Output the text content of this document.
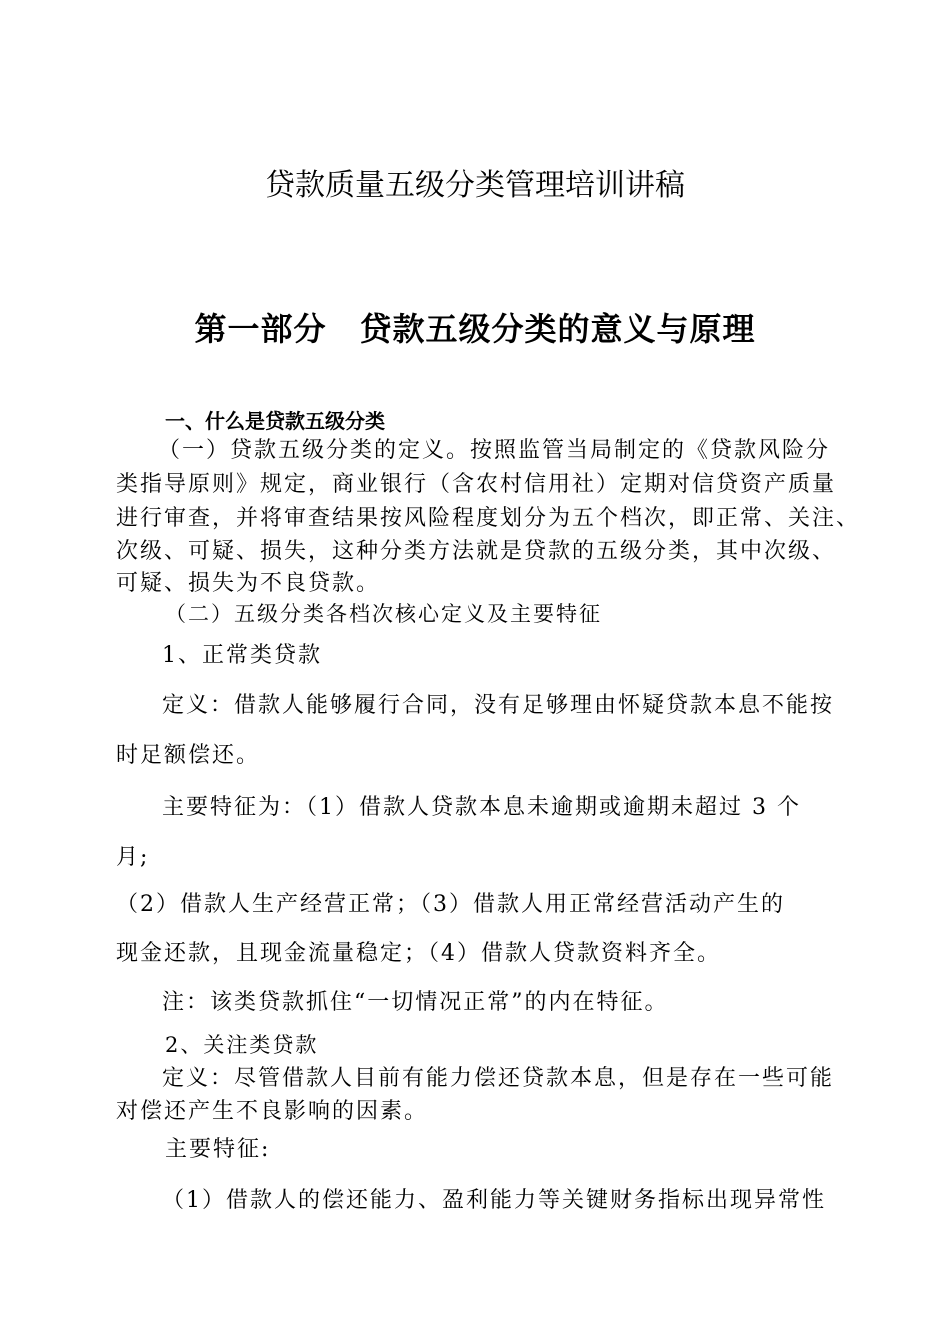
贷款质量五级分类管理培训讲稿
第一部分　贷款五级分类的意义与原理
一、什么是贷款五级分类
（一）贷款五级分类的定义。按照监管当局制定的《贷款风险分
类指导原则》规定，商业银行（含农村信用社）定期对信贷资产质量
进行审查，并将审查结果按风险程度划分为五个档次，即正常、关注、
次级、可疑、损失，这种分类方法就是贷款的五级分类，其中次级、
可疑、损失为不良贷款。
（二）五级分类各档次核心定义及主要特征
1、正常类贷款
定义：借款人能够履行合同，没有足够理由怀疑贷款本息不能按
时足额偿还。
主要特征为：（1）借款人贷款本息未逾期或逾期未超过 3 个
月;
（2）借款人生产经营正常；（3）借款人用正常经营活动产生的
现金还款，且现金流量稳定；（4）借款人贷款资料齐全。
注：该类贷款抓住“一切情况正常”的内在特征。
2、关注类贷款
定义：尽管借款人目前有能力偿还贷款本息，但是存在一些可能
对偿还产生不良影响的因素。
主要特征:
（1）借款人的偿还能力、盈利能力等关键财务指标出现异常性
